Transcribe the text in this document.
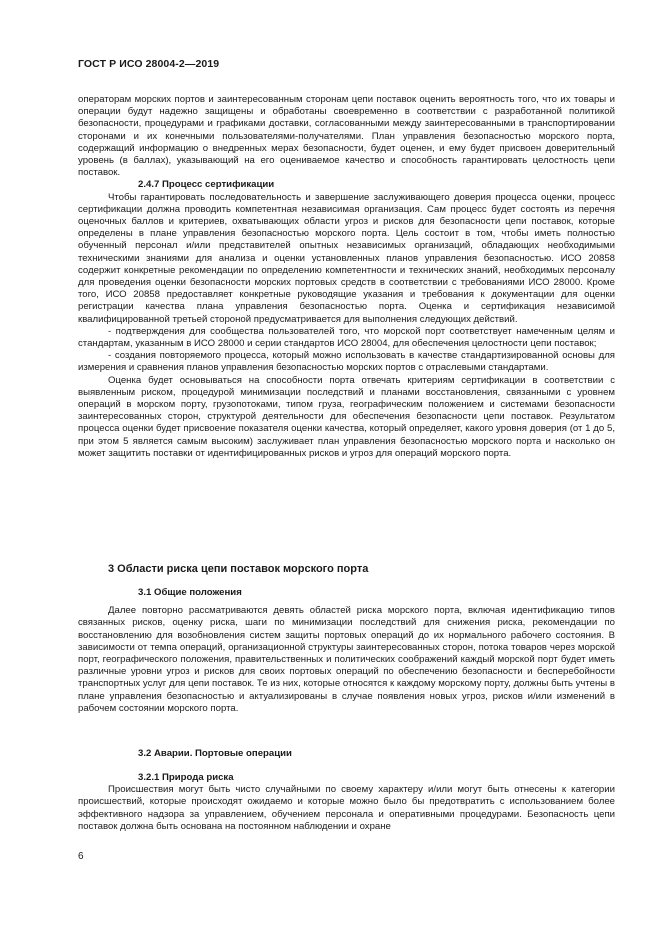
ГОСТ Р ИСО 28004-2—2019

операторам морских портов и заинтересованным сторонам цепи поставок оценить вероятность того, что их товары и операции будут надежно защищены и обработаны своевременно в соответствии с разработанной политикой безопасности, процедурами и графиками доставки, согласованными между заинтересованными в транспортировании сторонами и их конечными пользователями-получателями. План управления безопасностью морского порта, содержащий информацию о внедренных мерах безопасности, будет оценен, и ему будет присвоен доверительный уровень (в баллах), указывающий на его оцениваемое качество и способность гарантировать целостность цепи поставок.

2.4.7 Процесс сертификации

Чтобы гарантировать последовательность и завершение заслуживающего доверия процесса оценки, процесс сертификации должна проводить компетентная независимая организация. Сам процесс будет состоять из перечня оценочных баллов и критериев, охватывающих области угроз и рисков для безопасности цепи поставок, которые определены в плане управления безопасностью морского порта. Цель состоит в том, чтобы иметь полностью обученный персонал и/или представителей опытных независимых организаций, обладающих необходимыми техническими знаниями для анализа и оценки установленных планов управления безопасностью. ИСО 20858 содержит конкретные рекомендации по определению компетентности и технических знаний, необходимых персоналу для проведения оценки безопасности морских портовых средств в соответствии с требованиями ИСО 28000. Кроме того, ИСО 20858 предоставляет конкретные руководящие указания и требования к документации для оценки регистрации качества плана управления безопасностью порта. Оценка и сертификация независимой квалифицированной третьей стороной предусматривается для выполнения следующих действий.

- подтверждения для сообщества пользователей того, что морской порт соответствует намеченным целям и стандартам, указанным в ИСО 28000 и серии стандартов ИСО 28004, для обеспечения целостности цепи поставок;

- создания повторяемого процесса, который можно использовать в качестве стандартизированной основы для измерения и сравнения планов управления безопасностью морских портов с отраслевыми стандартами.

Оценка будет основываться на способности порта отвечать критериям сертификации в соответствии с выявленным риском, процедурой минимизации последствий и планами восстановления, связанными с уровнем операций в морском порту, грузопотоками, типом груза, географическим положением и системами безопасности заинтересованных сторон, структурой деятельности для обеспечения безопасности цепи поставок. Результатом процесса оценки будет присвоение показателя оценки качества, который определяет, какого уровня доверия (от 1 до 5, при этом 5 является самым высоким) заслуживает план управления безопасностью морского порта и насколько он может защитить поставки от идентифицированных рисков и угроз для операций морского порта.

3 Области риска цепи поставок морского порта

3.1 Общие положения

Далее повторно рассматриваются девять областей риска морского порта, включая идентификацию типов связанных рисков, оценку риска, шаги по минимизации последствий для снижения риска, рекомендации по восстановлению для возобновления систем защиты портовых операций до их нормального рабочего состояния. В зависимости от темпа операций, организационной структуры заинтересованных сторон, потока товаров через морской порт, географического положения, правительственных и политических соображений каждый морской порт будет иметь различные уровни угроз и рисков для своих портовых операций по обеспечению безопасности и бесперебойности транспортных услуг для цепи поставок. Те из них, которые относятся к каждому морскому порту, должны быть учтены в плане управления безопасностью и актуализированы в случае появления новых угроз, рисков и/или изменений в рабочем состоянии морского порта.

3.2 Аварии. Портовые операции

3.2.1 Природа риска

Происшествия могут быть чисто случайными по своему характеру и/или могут быть отнесены к категории происшествий, которые происходят ожидаемо и которые можно было бы предотвратить с использованием более эффективного надзора за управлением, обучением персонала и оперативными процедурами. Безопасность цепи поставок должна быть основана на постоянном наблюдении и охране

6
